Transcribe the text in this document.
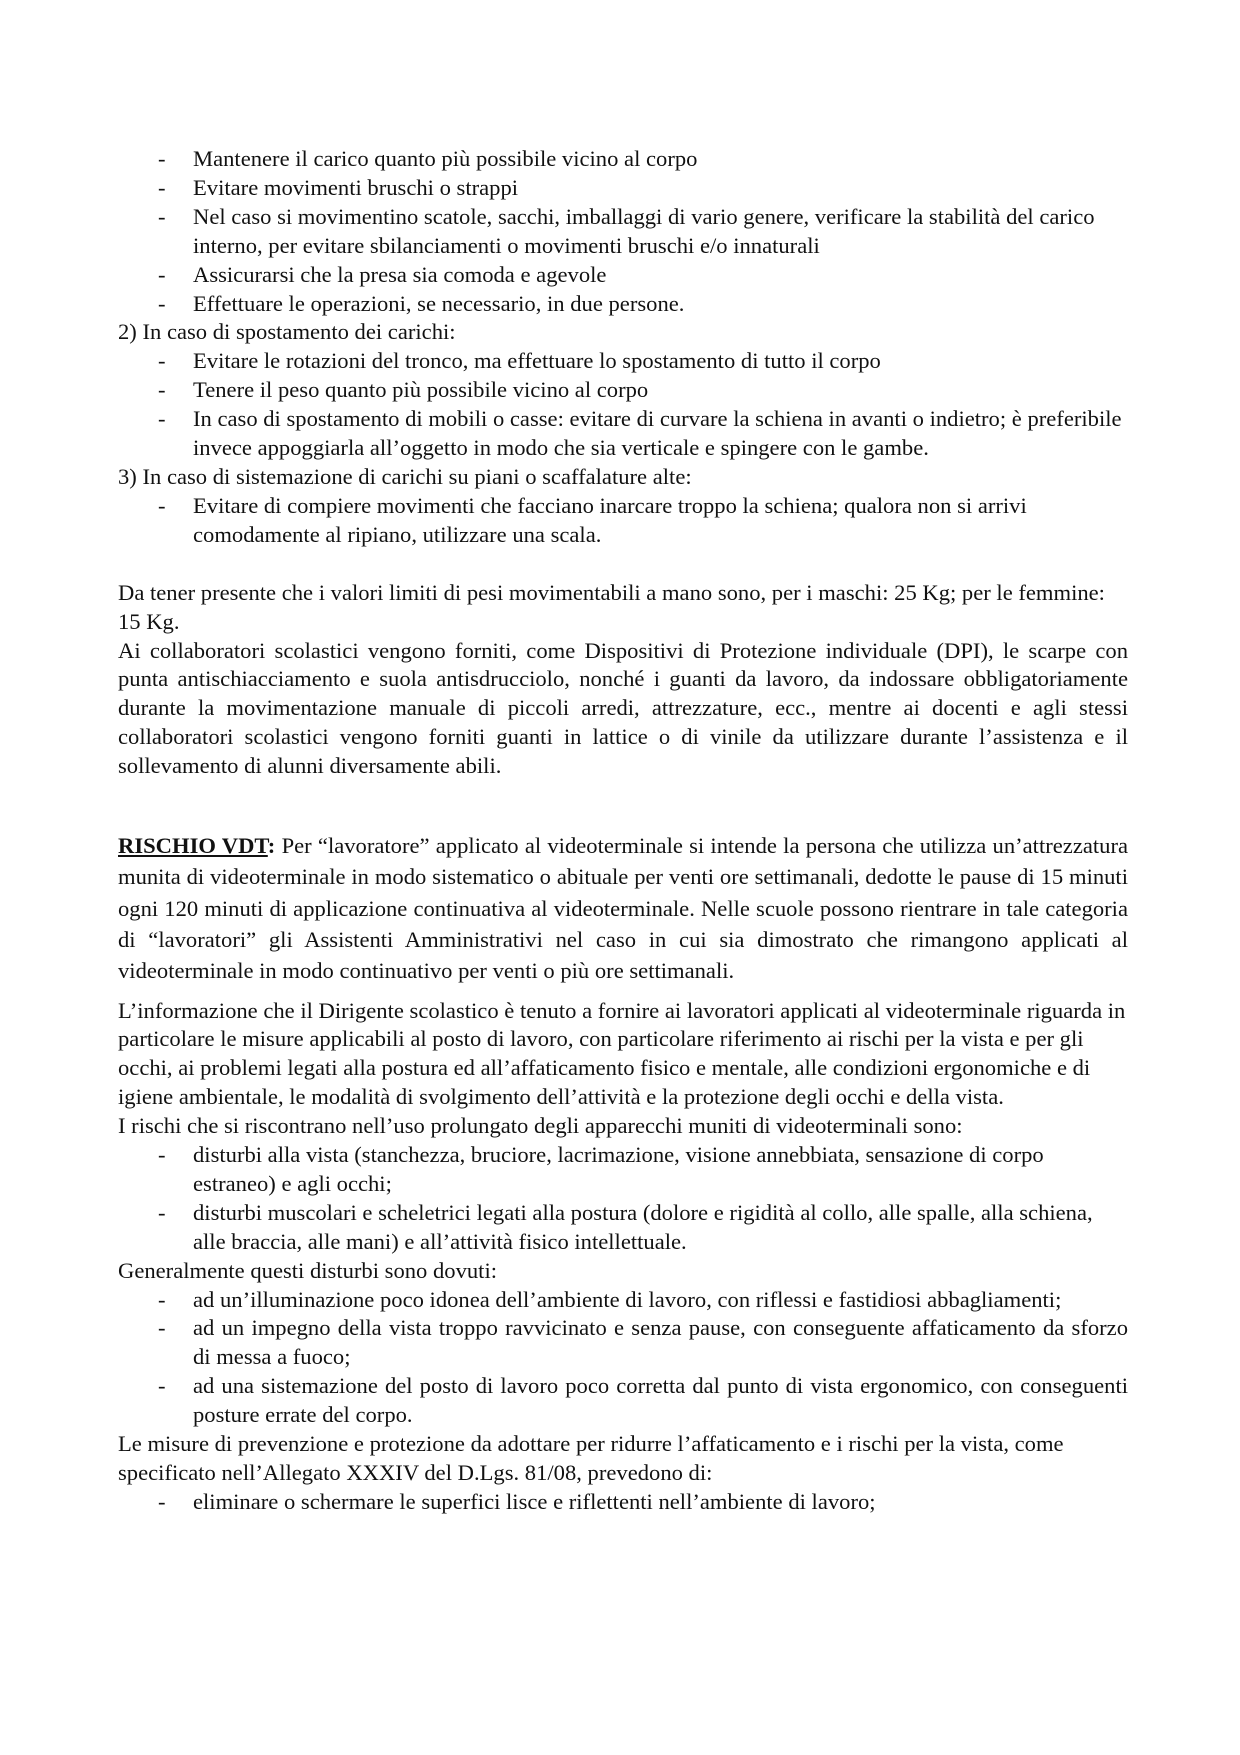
- Mantenere il carico quanto più possibile vicino al corpo
- Evitare movimenti bruschi o strappi
- Nel caso si movimentino scatole, sacchi, imballaggi di vario genere, verificare la stabilità del carico interno, per evitare sbilanciamenti o movimenti bruschi e/o innaturali
- Assicurarsi che la presa sia comoda e agevole
- Effettuare le operazioni, se necessario, in due persone.
2) In caso di spostamento dei carichi:
- Evitare le rotazioni del tronco, ma effettuare lo spostamento di tutto il corpo
- Tenere il peso quanto più possibile vicino al corpo
- In caso di spostamento di mobili o casse: evitare di curvare la schiena in avanti o indietro; è preferibile invece appoggiarla all’oggetto in modo che sia verticale e spingere con le gambe.
3) In caso di sistemazione di carichi su piani o scaffalature alte:
- Evitare di compiere movimenti che facciano inarcare troppo la schiena; qualora non si arrivi comodamente al ripiano, utilizzare una scala.
Da tener presente che i valori limiti di pesi movimentabili a mano sono, per i maschi: 25 Kg; per le femmine: 15 Kg.
Ai collaboratori scolastici vengono forniti, come Dispositivi di Protezione individuale (DPI), le scarpe con punta antischiacciamento e suola antisdrucciolo, nonché i guanti da lavoro, da indossare obbligatoriamente durante la movimentazione manuale di piccoli arredi, attrezzature, ecc., mentre ai docenti e agli stessi collaboratori scolastici vengono forniti guanti in lattice o di vinile da utilizzare durante l’assistenza e il sollevamento di alunni diversamente abili.
RISCHIO VDT: Per “lavoratore” applicato al videoterminale si intende la persona che utilizza un’attrezzatura munita di videoterminale in modo sistematico o abituale per venti ore settimanali, dedotte le pause di 15 minuti ogni 120 minuti di applicazione continuativa al videoterminale. Nelle scuole possono rientrare in tale categoria di “lavoratori” gli Assistenti Amministrativi nel caso in cui sia dimostrato che rimangono applicati al videoterminale in modo continuativo per venti o più ore settimanali.
L’informazione che il Dirigente scolastico è tenuto a fornire ai lavoratori applicati al videoterminale riguarda in particolare le misure applicabili al posto di lavoro, con particolare riferimento ai rischi per la vista e per gli occhi, ai problemi legati alla postura ed all’affaticamento fisico e mentale, alle condizioni ergonomiche e di igiene ambientale, le modalità di svolgimento dell’attività e la protezione degli occhi e della vista.
I rischi che si riscontrano nell’uso prolungato degli apparecchi muniti di videoterminali sono:
- disturbi alla vista (stanchezza, bruciore, lacrimazione, visione annebbiata, sensazione di corpo estraneo) e agli occhi;
- disturbi muscolari e scheletrici legati alla postura (dolore e rigidità al collo, alle spalle, alla schiena, alle braccia, alle mani) e all’attività fisico intellettuale.
Generalmente questi disturbi sono dovuti:
- ad un’illuminazione poco idonea dell’ambiente di lavoro, con riflessi e fastidiosi abbagliamenti;
- ad un impegno della vista troppo ravvicinato e senza pause, con conseguente affaticamento da sforzo di messa a fuoco;
- ad una sistemazione del posto di lavoro poco corretta dal punto di vista ergonomico, con conseguenti posture errate del corpo.
Le misure di prevenzione e protezione da adottare per ridurre l’affaticamento e i rischi per la vista, come specificato nell’Allegato XXXIV del D.Lgs. 81/08, prevedono di:
- eliminare o schermare le superfici lisce e riflettenti nell’ambiente di lavoro;
